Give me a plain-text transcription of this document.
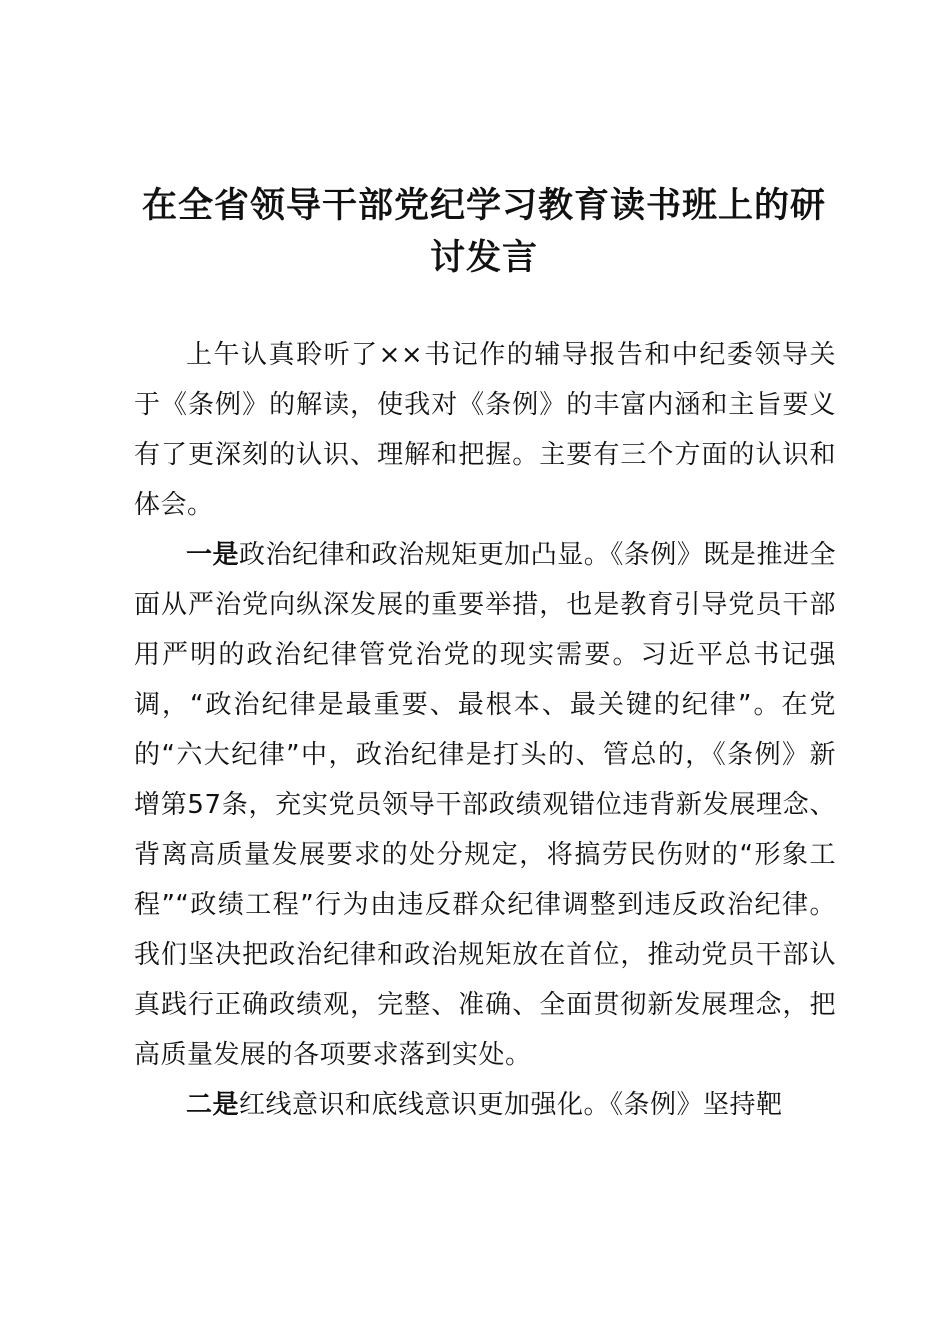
在全省领导干部党纪学习教育读书班上的研讨发言

上午认真聆听了××书记作的辅导报告和中纪委领导关于《条例》的解读，使我对《条例》的丰富内涵和主旨要义有了更深刻的认识、理解和把握。主要有三个方面的认识和体会。

一是政治纪律和政治规矩更加凸显。《条例》既是推进全面从严治党向纵深发展的重要举措，也是教育引导党员干部用严明的政治纪律管党治党的现实需要。习近平总书记强调，“政治纪律是最重要、最根本、最关键的纪律”。在党的“六大纪律”中，政治纪律是打头的、管总的，《条例》新增第57条，充实党员领导干部政绩观错位违背新发展理念、背离高质量发展要求的处分规定，将搞劳民伤财的“形象工程”“政绩工程”行为由违反群众纪律调整到违反政治纪律。我们坚决把政治纪律和政治规矩放在首位，推动党员干部认真践行正确政绩观，完整、准确、全面贯彻新发展理念，把高质量发展的各项要求落到实处。

二是红线意识和底线意识更加强化。《条例》坚持靶
